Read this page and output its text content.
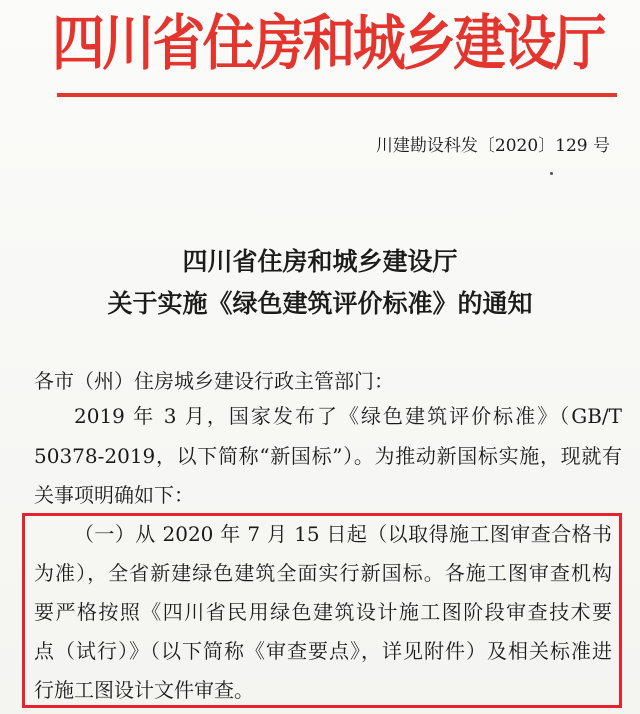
四川省住房和城乡建设厅
川建勘设科发〔2020〕129 号
四川省住房和城乡建设厅
关于实施《绿色建筑评价标准》的通知
各市（州）住房城乡建设行政主管部门：
2019 年 3 月，国家发布了《绿色建筑评价标准》（GB/T
50378-2019，以下简称“新国标”）。为推动新国标实施，现就有
关事项明确如下：
（一）从 2020 年 7 月 15 日起（以取得施工图审查合格书
为准），全省新建绿色建筑全面实行新国标。各施工图审查机构
要严格按照《四川省民用绿色建筑设计施工图阶段审查技术要
点（试行）》（以下简称《审查要点》，详见附件）及相关标准进
行施工图设计文件审查。
